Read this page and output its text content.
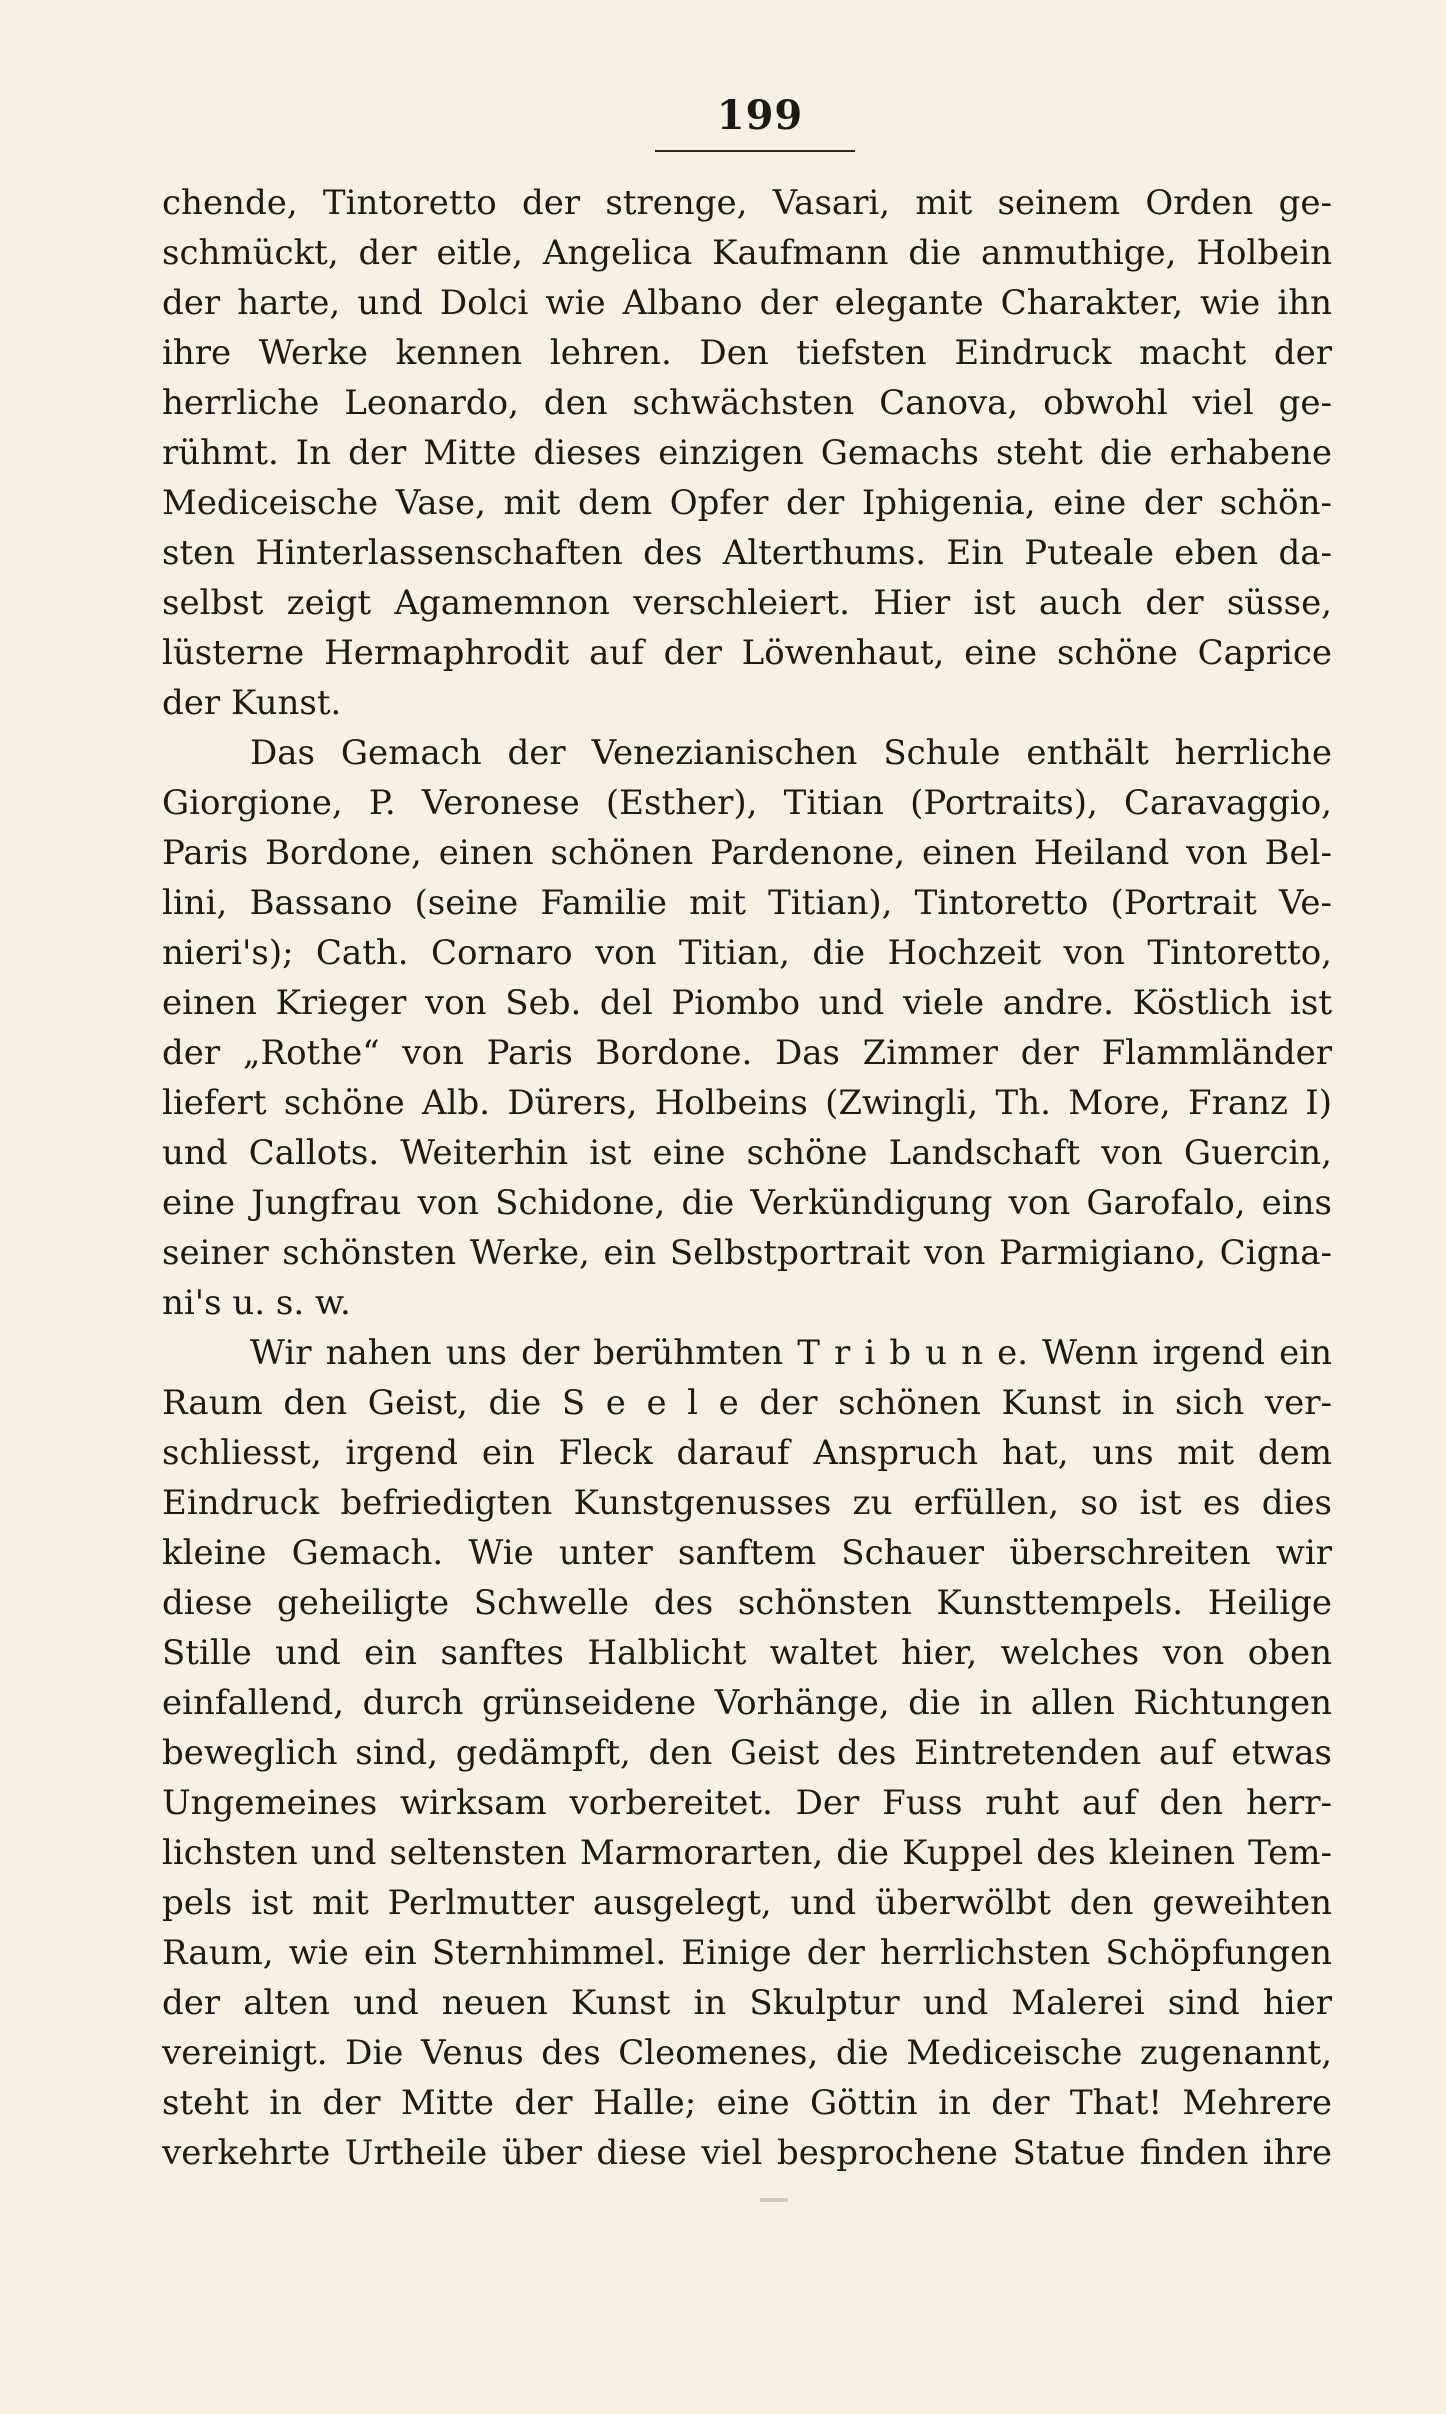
199
chende, Tintoretto der strenge, Vasari, mit seinem Orden ge-
schmückt, der eitle, Angelica Kaufmann die anmuthige, Holbein
der harte, und Dolci wie Albano der elegante Charakter, wie ihn
ihre Werke kennen lehren. Den tiefsten Eindruck macht der
herrliche Leonardo, den schwächsten Canova, obwohl viel ge-
rühmt. In der Mitte dieses einzigen Gemachs steht die erhabene
Mediceische Vase, mit dem Opfer der Iphigenia, eine der schön-
sten Hinterlassenschaften des Alterthums. Ein Puteale eben da-
selbst zeigt Agamemnon verschleiert. Hier ist auch der süsse,
lüsterne Hermaphrodit auf der Löwenhaut, eine schöne Caprice
der Kunst.
Das Gemach der Venezianischen Schule enthält herrliche
Giorgione, P. Veronese (Esther), Titian (Portraits), Caravaggio,
Paris Bordone, einen schönen Pardenone, einen Heiland von Bel-
lini, Bassano (seine Familie mit Titian), Tintoretto (Portrait Ve-
nieri's); Cath. Cornaro von Titian, die Hochzeit von Tintoretto,
einen Krieger von Seb. del Piombo und viele andre. Köstlich ist
der „Rothe“ von Paris Bordone. Das Zimmer der Flammländer
liefert schöne Alb. Dürers, Holbeins (Zwingli, Th. More, Franz I)
und Callots. Weiterhin ist eine schöne Landschaft von Guercin,
eine Jungfrau von Schidone, die Verkündigung von Garofalo, eins
seiner schönsten Werke, ein Selbstportrait von Parmigiano, Cigna-
ni's u. s. w.
Wir nahen uns der berühmten T r i b u n e. Wenn irgend ein
Raum den Geist, die S e e l e der schönen Kunst in sich ver-
schliesst, irgend ein Fleck darauf Anspruch hat, uns mit dem
Eindruck befriedigten Kunstgenusses zu erfüllen, so ist es dies
kleine Gemach. Wie unter sanftem Schauer überschreiten wir
diese geheiligte Schwelle des schönsten Kunsttempels. Heilige
Stille und ein sanftes Halblicht waltet hier, welches von oben
einfallend, durch grünseidene Vorhänge, die in allen Richtungen
beweglich sind, gedämpft, den Geist des Eintretenden auf etwas
Ungemeines wirksam vorbereitet. Der Fuss ruht auf den herr-
lichsten und seltensten Marmorarten, die Kuppel des kleinen Tem-
pels ist mit Perlmutter ausgelegt, und überwölbt den geweihten
Raum, wie ein Sternhimmel. Einige der herrlichsten Schöpfungen
der alten und neuen Kunst in Skulptur und Malerei sind hier
vereinigt. Die Venus des Cleomenes, die Mediceische zugenannt,
steht in der Mitte der Halle; eine Göttin in der That! Mehrere
verkehrte Urtheile über diese viel besprochene Statue finden ihre
